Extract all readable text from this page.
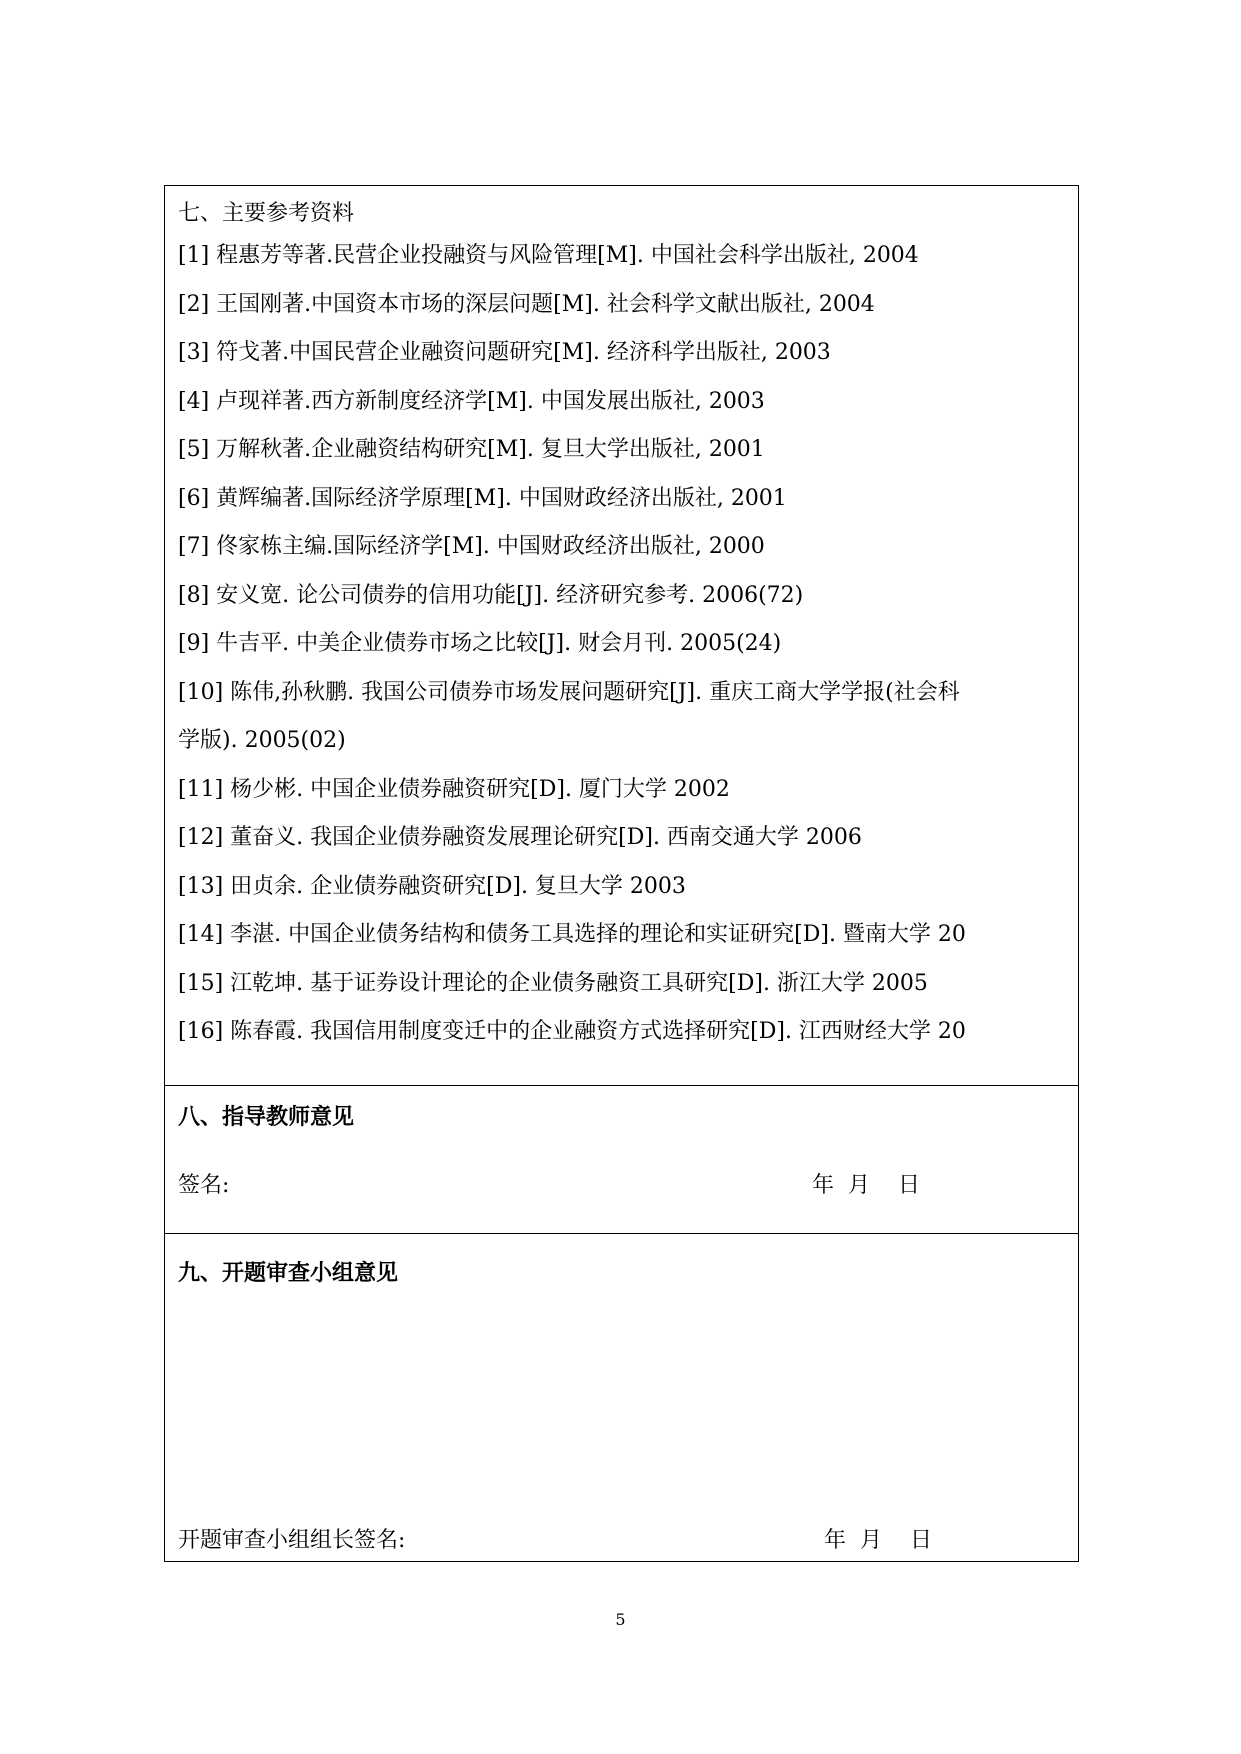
七、主要参考资料
[1] 程惠芳等著.民营企业投融资与风险管理[M]. 中国社会科学出版社, 2004
[2] 王国刚著.中国资本市场的深层问题[M]. 社会科学文献出版社, 2004
[3] 符戈著.中国民营企业融资问题研究[M]. 经济科学出版社, 2003
[4] 卢现祥著.西方新制度经济学[M]. 中国发展出版社, 2003
[5] 万解秋著.企业融资结构研究[M]. 复旦大学出版社, 2001
[6] 黄辉编著.国际经济学原理[M]. 中国财政经济出版社, 2001
[7] 佟家栋主编.国际经济学[M]. 中国财政经济出版社, 2000
[8] 安义宽. 论公司债券的信用功能[J]. 经济研究参考. 2006(72)
[9] 牛吉平. 中美企业债券市场之比较[J]. 财会月刊. 2005(24)
[10] 陈伟,孙秋鹏. 我国公司债券市场发展问题研究[J]. 重庆工商大学学报(社会科
学版). 2005(02)
[11] 杨少彬. 中国企业债券融资研究[D]. 厦门大学 2002
[12] 董奋义. 我国企业债券融资发展理论研究[D]. 西南交通大学 2006
[13] 田贞余. 企业债券融资研究[D]. 复旦大学 2003
[14] 李湛. 中国企业债务结构和债务工具选择的理论和实证研究[D]. 暨南大学 20
[15] 江乾坤. 基于证券设计理论的企业债务融资工具研究[D]. 浙江大学 2005
[16] 陈春霞. 我国信用制度变迁中的企业融资方式选择研究[D]. 江西财经大学 20
八、指导教师意见
签名:	年  月    日
九、开题审查小组意见
开题审查小组组长签名:	年  月    日
5
